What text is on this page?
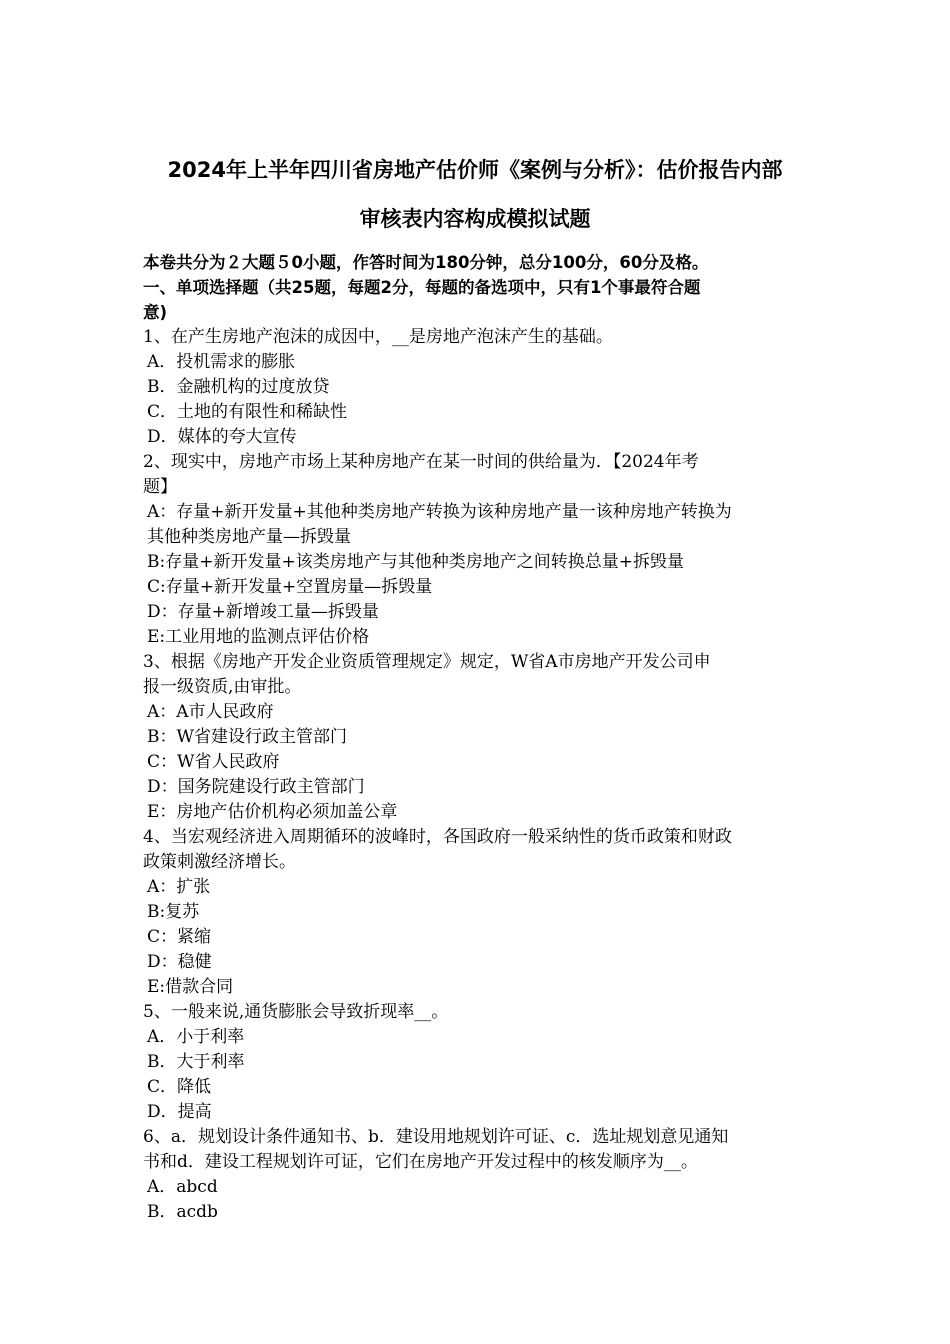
2024年上半年四川省房地产估价师《案例与分析》：估价报告内部
审核表内容构成模拟试题
本卷共分为２大题５0小题，作答时间为180分钟，总分100分，60分及格。
一、单项选择题（共25题，每题2分，每题的备选项中，只有1个事最符合题
意)
1、在产生房地产泡沫的成因中，__是房地产泡沫产生的基础。
A．投机需求的膨胀
B．金融机构的过度放贷
C．土地的有限性和稀缺性
D．媒体的夸大宣传
2、现实中，房地产市场上某种房地产在某一时间的供给量为．【2024年考
题】
A：存量+新开发量+其他种类房地产转换为该种房地产量一该种房地产转换为
其他种类房地产量—拆毁量
B:存量+新开发量+该类房地产与其他种类房地产之间转换总量+拆毁量
C:存量+新开发量+空置房量—拆毁量
D：存量+新增竣工量—拆毁量
E:工业用地的监测点评估价格
3、根据《房地产开发企业资质管理规定》规定，W省A市房地产开发公司申
报一级资质,由审批。
A：A市人民政府
B：W省建设行政主管部门
C：W省人民政府
D：国务院建设行政主管部门
E：房地产估价机构必须加盖公章
4、当宏观经济进入周期循环的波峰时，各国政府一般采纳性的货币政策和财政
政策刺激经济增长。
A：扩张
B:复苏
C：紧缩
D：稳健
E:借款合同
5、一般来说,通货膨胀会导致折现率__。
A．小于利率
B．大于利率
C．降低
D．提高
6、a．规划设计条件通知书、b．建设用地规划许可证、c．选址规划意见通知
书和d．建设工程规划许可证，它们在房地产开发过程中的核发顺序为__。
A．abcd
B．acdb
